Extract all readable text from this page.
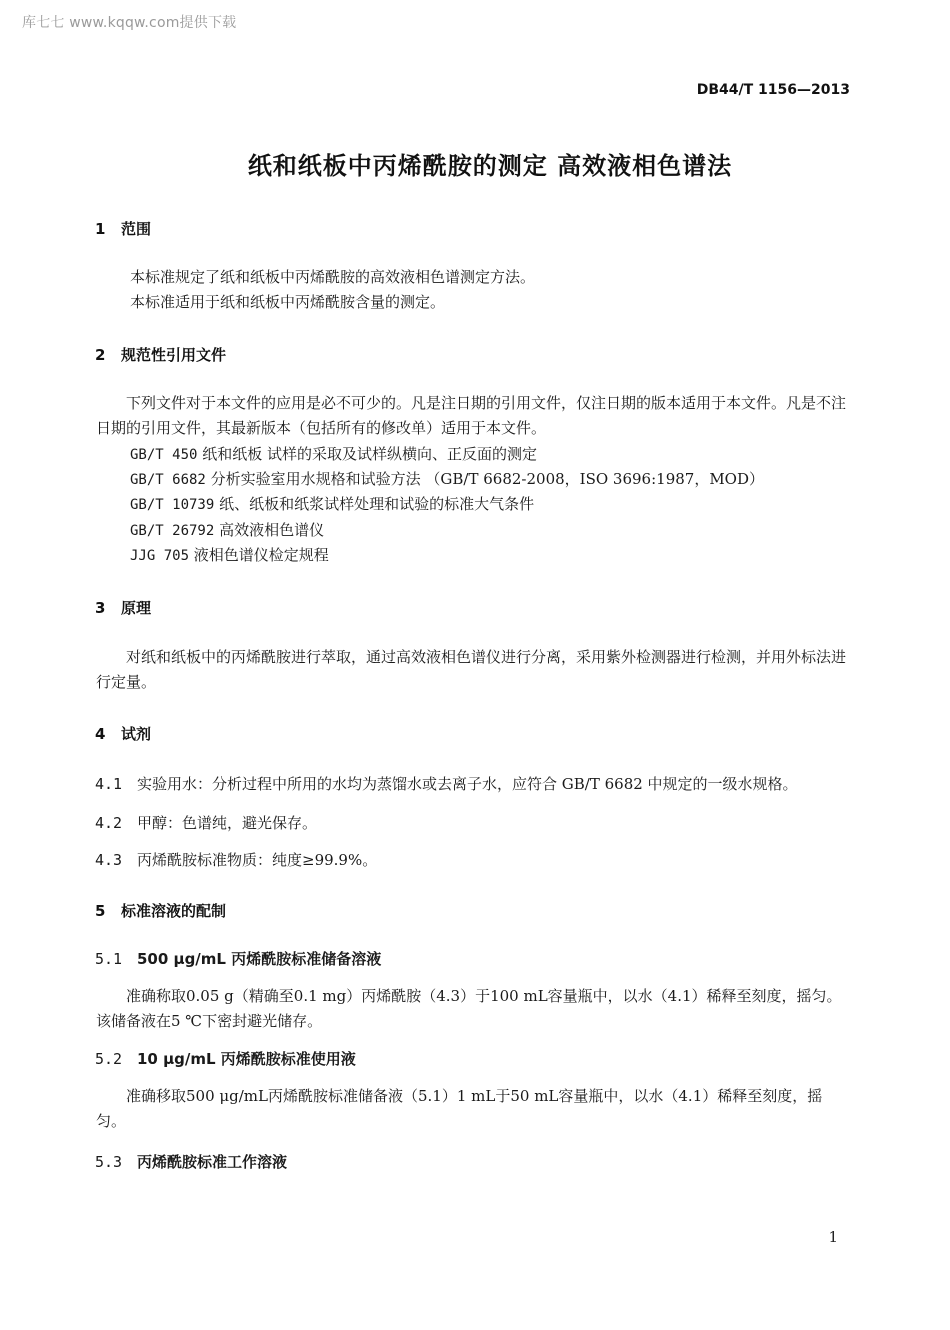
库七七 www.kqqw.com提供下载
DB44/T 1156—2013
纸和纸板中丙烯酰胺的测定 高效液相色谱法
1 范围
本标准规定了纸和纸板中丙烯酰胺的高效液相色谱测定方法。
本标准适用于纸和纸板中丙烯酰胺含量的测定。
2 规范性引用文件
下列文件对于本文件的应用是必不可少的。凡是注日期的引用文件，仅注日期的版本适用于本文件。凡是不注日期的引用文件，其最新版本（包括所有的修改单）适用于本文件。
GB/T 450 纸和纸板 试样的采取及试样纵横向、正反面的测定
GB/T 6682 分析实验室用水规格和试验方法 （GB/T 6682-2008，ISO 3696:1987，MOD）
GB/T 10739 纸、纸板和纸浆试样处理和试验的标准大气条件
GB/T 26792 高效液相色谱仪
JJG 705 液相色谱仪检定规程
3 原理
对纸和纸板中的丙烯酰胺进行萃取，通过高效液相色谱仪进行分离，采用紫外检测器进行检测，并用外标法进行定量。
4 试剂
4.1 实验用水：分析过程中所用的水均为蒸馏水或去离子水，应符合 GB/T 6682 中规定的一级水规格。
4.2 甲醇：色谱纯，避光保存。
4.3 丙烯酰胺标准物质：纯度≥99.9%。
5 标准溶液的配制
5.1 500 μg/mL 丙烯酰胺标准储备溶液
准确称取0.05 g（精确至0.1 mg）丙烯酰胺（4.3）于100 mL容量瓶中，以水（4.1）稀释至刻度，摇匀。该储备液在5 ℃下密封避光储存。
5.2 10 μg/mL 丙烯酰胺标准使用液
准确移取500 μg/mL丙烯酰胺标准储备液（5.1）1 mL于50 mL容量瓶中，以水（4.1）稀释至刻度，摇匀。
5.3 丙烯酰胺标准工作溶液
1
